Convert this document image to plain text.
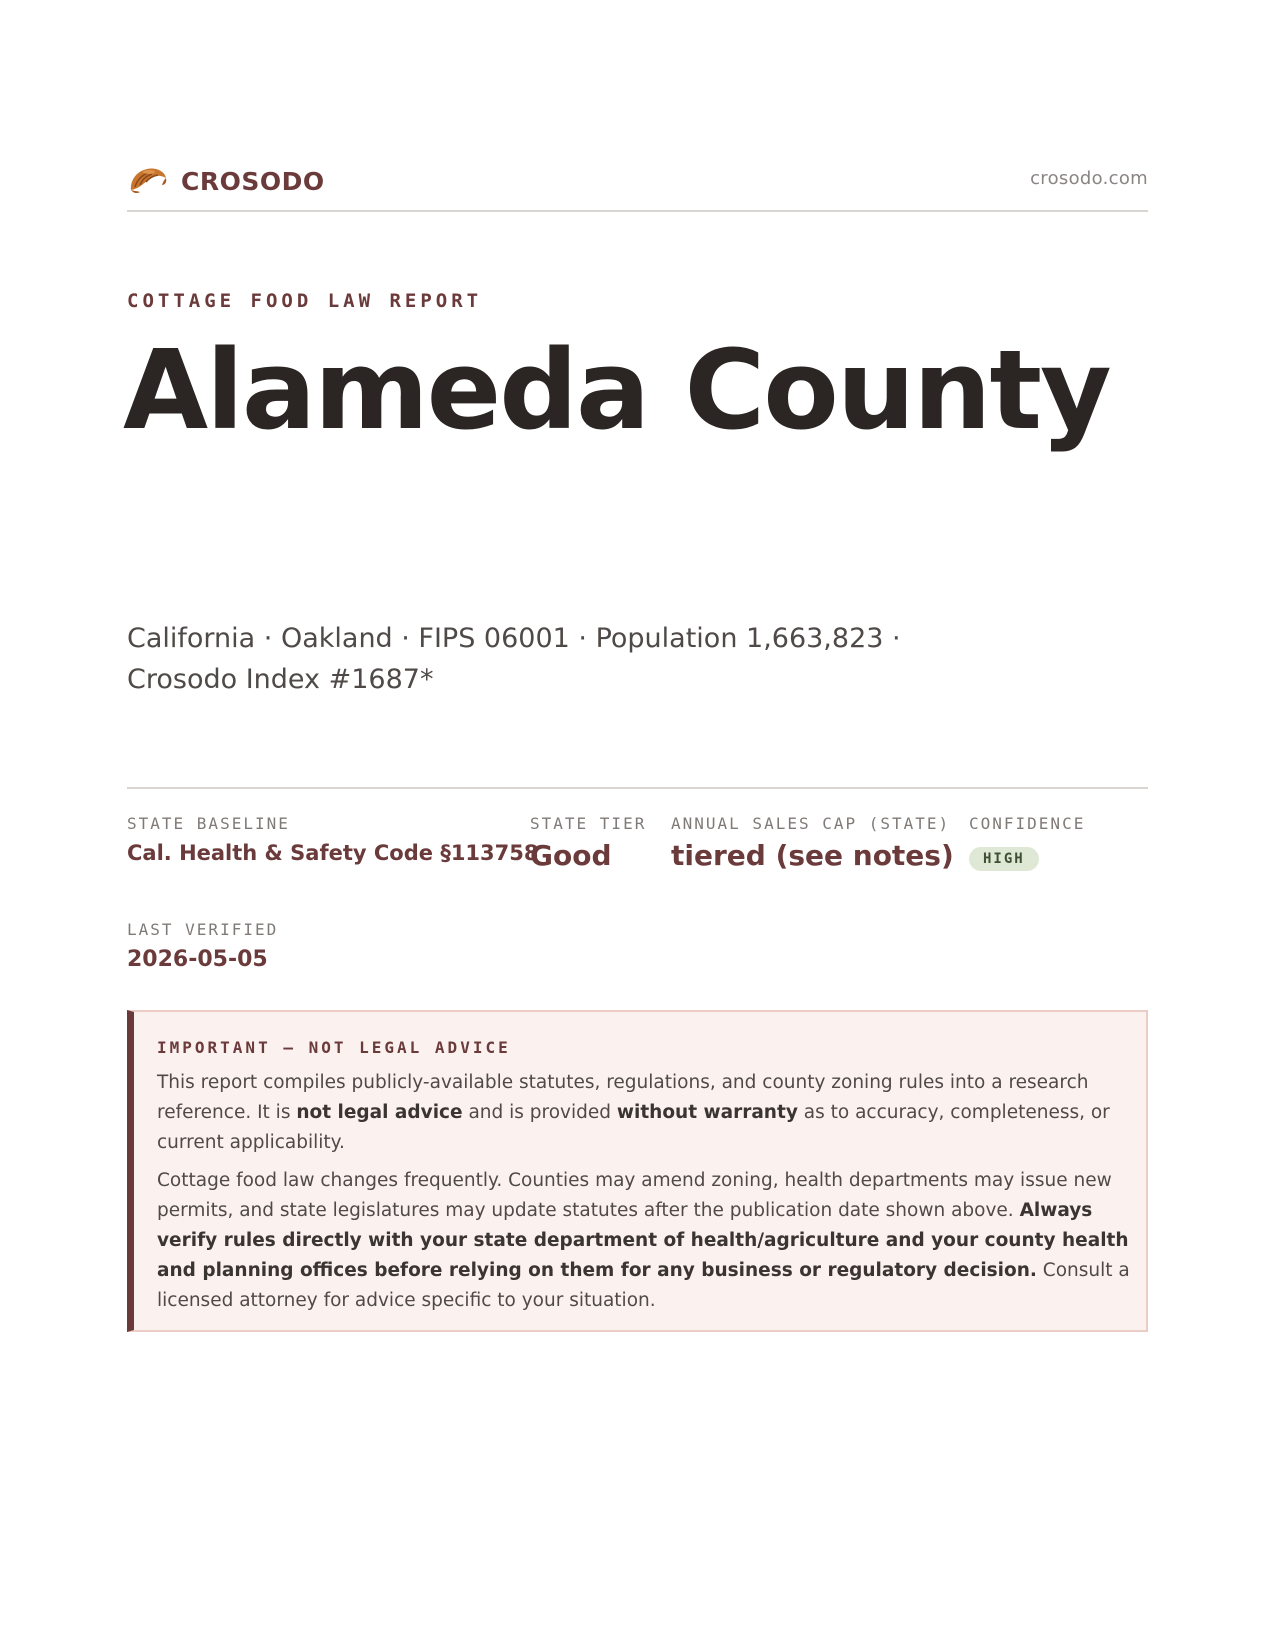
CROSODO	crosodo.com
COTTAGE FOOD LAW REPORT
Alameda County
California · Oakland · FIPS 06001 · Population 1,663,823 ·
Crosodo Index #1687*
STATE BASELINE
Cal. Health & Safety Code §113758
STATE TIER
Good
ANNUAL SALES CAP (STATE)
tiered (see notes)
CONFIDENCE
HIGH
LAST VERIFIED
2026-05-05
IMPORTANT — NOT LEGAL ADVICE
This report compiles publicly-available statutes, regulations, and county zoning rules into a research reference. It is not legal advice and is provided without warranty as to accuracy, completeness, or current applicability.
Cottage food law changes frequently. Counties may amend zoning, health departments may issue new permits, and state legislatures may update statutes after the publication date shown above. Always verify rules directly with your state department of health/agriculture and your county health and planning offices before relying on them for any business or regulatory decision. Consult a licensed attorney for advice specific to your situation.
